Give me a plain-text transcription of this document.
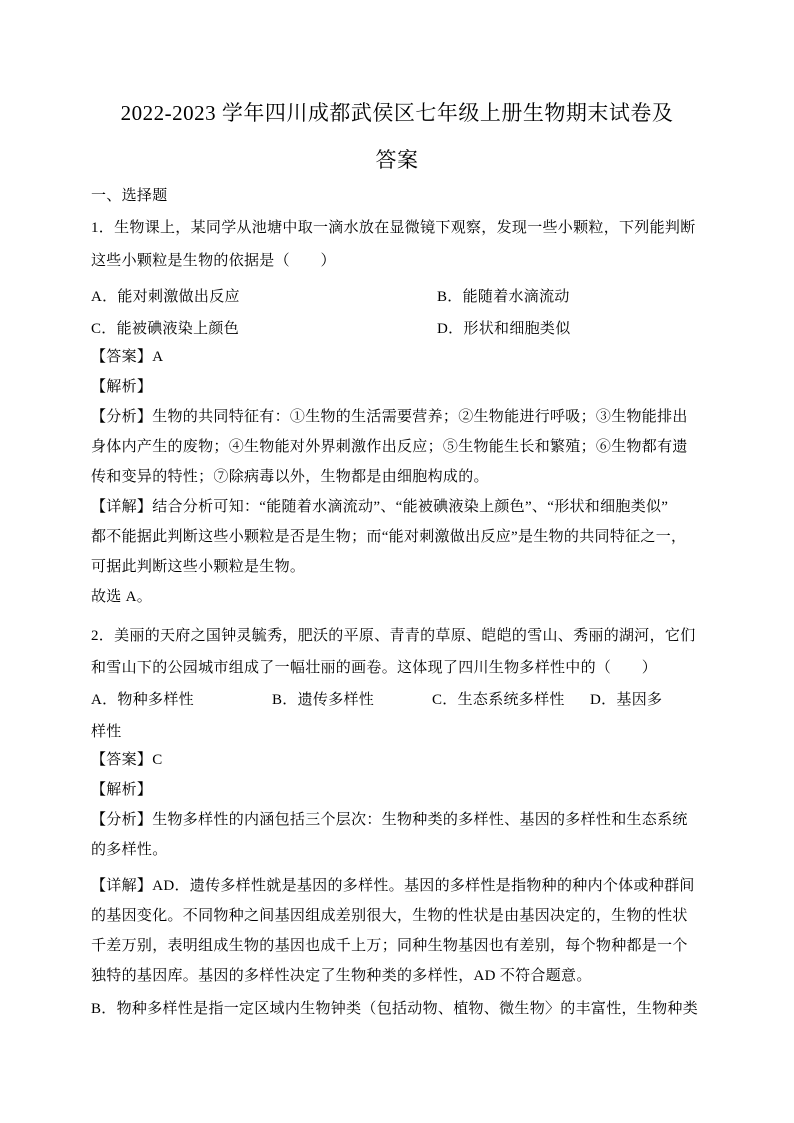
2022-2023 学年四川成都武侯区七年级上册生物期末试卷及
答案
一、选择题
1．生物课上，某同学从池塘中取一滴水放在显微镜下观察，发现一些小颗粒，下列能判断
这些小颗粒是生物的依据是（　　）
A．能对刺激做出反应	B．能随着水滴流动
C．能被碘液染上颜色	D．形状和细胞类似
【答案】A
【解析】
【分析】生物的共同特征有：①生物的生活需要营养；②生物能进行呼吸；③生物能排出
身体内产生的废物；④生物能对外界刺激作出反应；⑤生物能生长和繁殖；⑥生物都有遗
传和变异的特性；⑦除病毒以外，生物都是由细胞构成的。
【详解】结合分析可知：“能随着水滴流动”、“能被碘液染上颜色”、“形状和细胞类似”
都不能据此判断这些小颗粒是否是生物；而“能对刺激做出反应”是生物的共同特征之一，
可据此判断这些小颗粒是生物。
故选 A。
2．美丽的天府之国钟灵毓秀，肥沃的平原、青青的草原、皑皑的雪山、秀丽的湖河，它们
和雪山下的公园城市组成了一幅壮丽的画卷。这体现了四川生物多样性中的（　　）
A．物种多样性	B．遗传多样性	C．生态系统多样性 D．基因多
样性
【答案】C
【解析】
【分析】生物多样性的内涵包括三个层次：生物种类的多样性、基因的多样性和生态系统
的多样性。
【详解】AD．遗传多样性就是基因的多样性。基因的多样性是指物种的种内个体或种群间
的基因变化。不同物种之间基因组成差别很大，生物的性状是由基因决定的，生物的性状
千差万别，表明组成生物的基因也成千上万；同种生物基因也有差别，每个物种都是一个
独特的基因库。基因的多样性决定了生物种类的多样性，AD 不符合题意。
B．物种多样性是指一定区域内生物钟类（包括动物、植物、微生物〉的丰富性，生物种类
